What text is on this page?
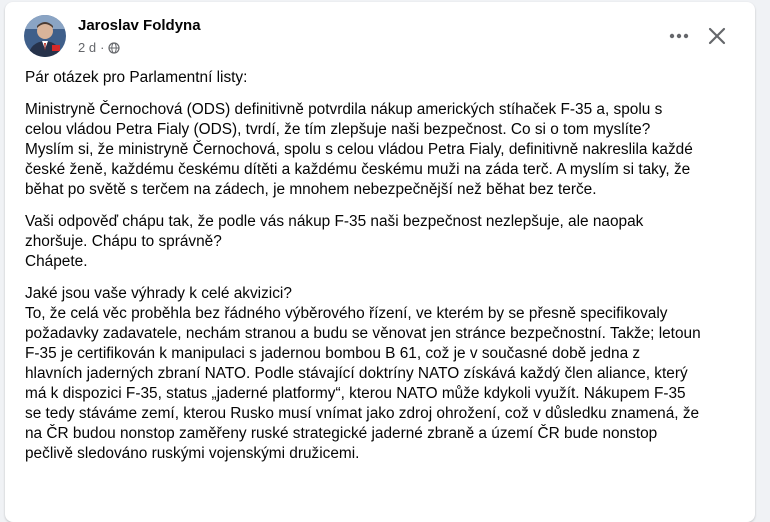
Jaroslav Foldyna
2 d ·

Pár otázek pro Parlamentní listy:

Ministryně Černochová (ODS) definitivně potvrdila nákup amerických stíhaček F-35 a, spolu s
celou vládou Petra Fialy (ODS), tvrdí, že tím zlepšuje naši bezpečnost. Co si o tom myslíte?
Myslím si, že ministryně Černochová, spolu s celou vládou Petra Fialy, definitivně nakreslila každé
české ženě, každému českému dítěti a každému českému muži na záda terč. A myslím si taky, že
běhat po světě s terčem na zádech, je mnohem nebezpečnější než běhat bez terče.

Vaši odpověď chápu tak, že podle vás nákup F-35 naši bezpečnost nezlepšuje, ale naopak
zhoršuje. Chápu to správně?
Chápete.

Jaké jsou vaše výhrady k celé akvizici?
To, že celá věc proběhla bez řádného výběrového řízení, ve kterém by se přesně specifikovaly
požadavky zadavatele, nechám stranou a budu se věnovat jen stránce bezpečnostní. Takže; letoun
F-35 je certifikován k manipulaci s jadernou bombou B 61, což je v současné době jedna z
hlavních jaderných zbraní NATO. Podle stávající doktríny NATO získává každý člen aliance, který
má k dispozici F-35, status „jaderné platformy“, kterou NATO může kdykoli využít. Nákupem F-35
se tedy stáváme zemí, kterou Rusko musí vnímat jako zdroj ohrožení, což v důsledku znamená, že
na ČR budou nonstop zaměřeny ruské strategické jaderné zbraně a území ČR bude nonstop
pečlivě sledováno ruskými vojenskými družicemi.
